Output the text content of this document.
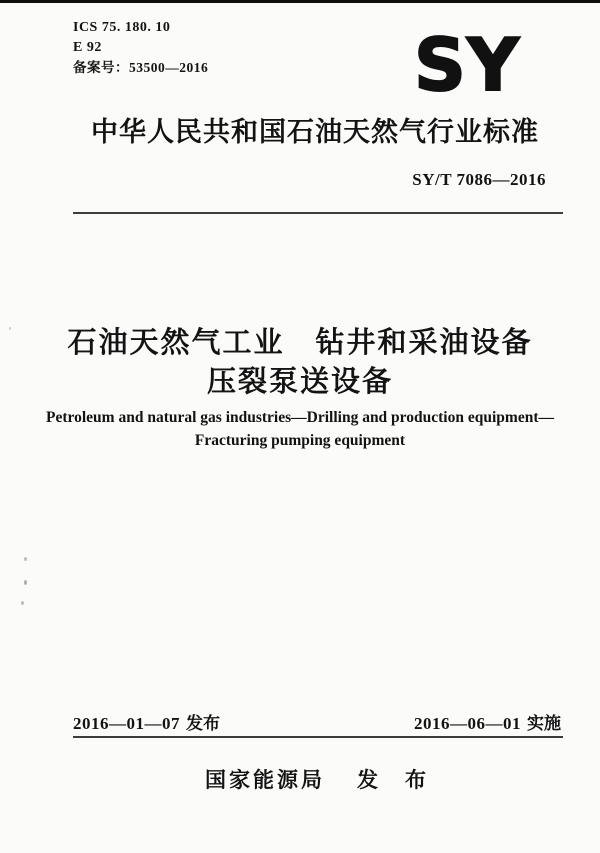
ICS 75. 180. 10
E 92
备案号：53500—2016	SY
中华人民共和国石油天然气行业标准
SY/T 7086—2016
石油天然气工业　钻井和采油设备
压裂泵送设备

Petroleum and natural gas industries—Drilling and production equipment—
Fracturing pumping equipment

2016—01—07 发布	2016—06—01 实施
国家能源局 发　布
